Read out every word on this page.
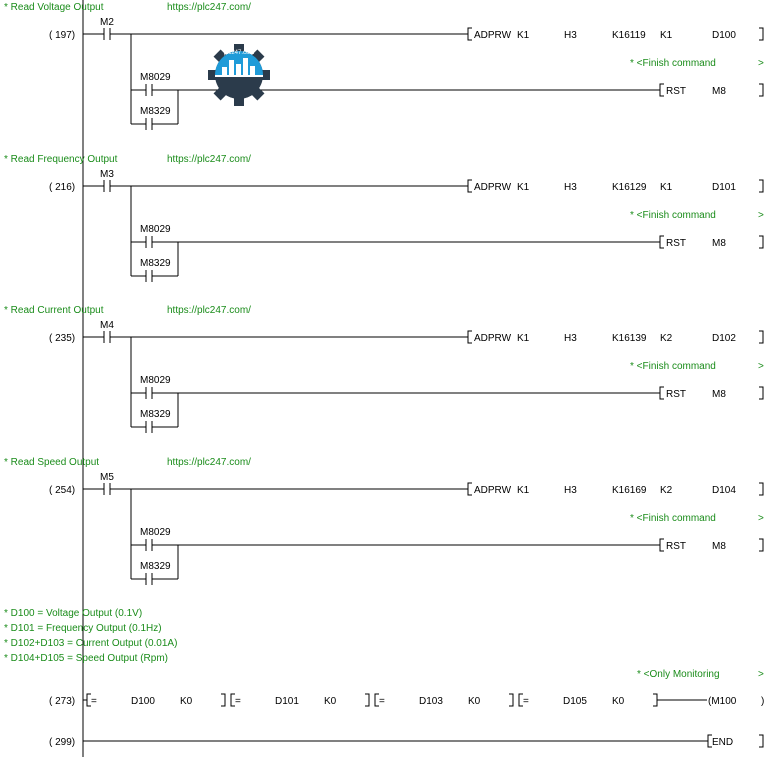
* Read Voltage Output	https://plc247.com/
( 197)
M2
ADPRW K1	H3	K16119 K1	D100
* <Finish command	>
M8029
M8329
RST	M8
* Read Frequency Output	https://plc247.com/
( 216)
M3
ADPRW K1	H3	K16129 K1	D101
* <Finish command	>
M8029
M8329
RST	M8
* Read Current Output	https://plc247.com/
( 235)
M4
ADPRW K1	H3	K16139 K2	D102
* <Finish command	>
M8029
M8329
RST	M8
* Read Speed Output	https://plc247.com/
( 254)
M5
ADPRW K1	H3	K16169 K2	D104
* <Finish command	>
M8029
M8329
RST	M8
* D100 = Voltage Output (0.1V)
* D101 = Frequency Output (0.1Hz)
* D102+D103 = Current Output (0.01A)
* D104+D105 = Speed Output (Rpm)
* <Only Monitoring	>
( 273) =	D100	K0	=	D101	K0	=	D103	K0	=	D105	K0	(M100 )
( 299)	END
plc247.com
